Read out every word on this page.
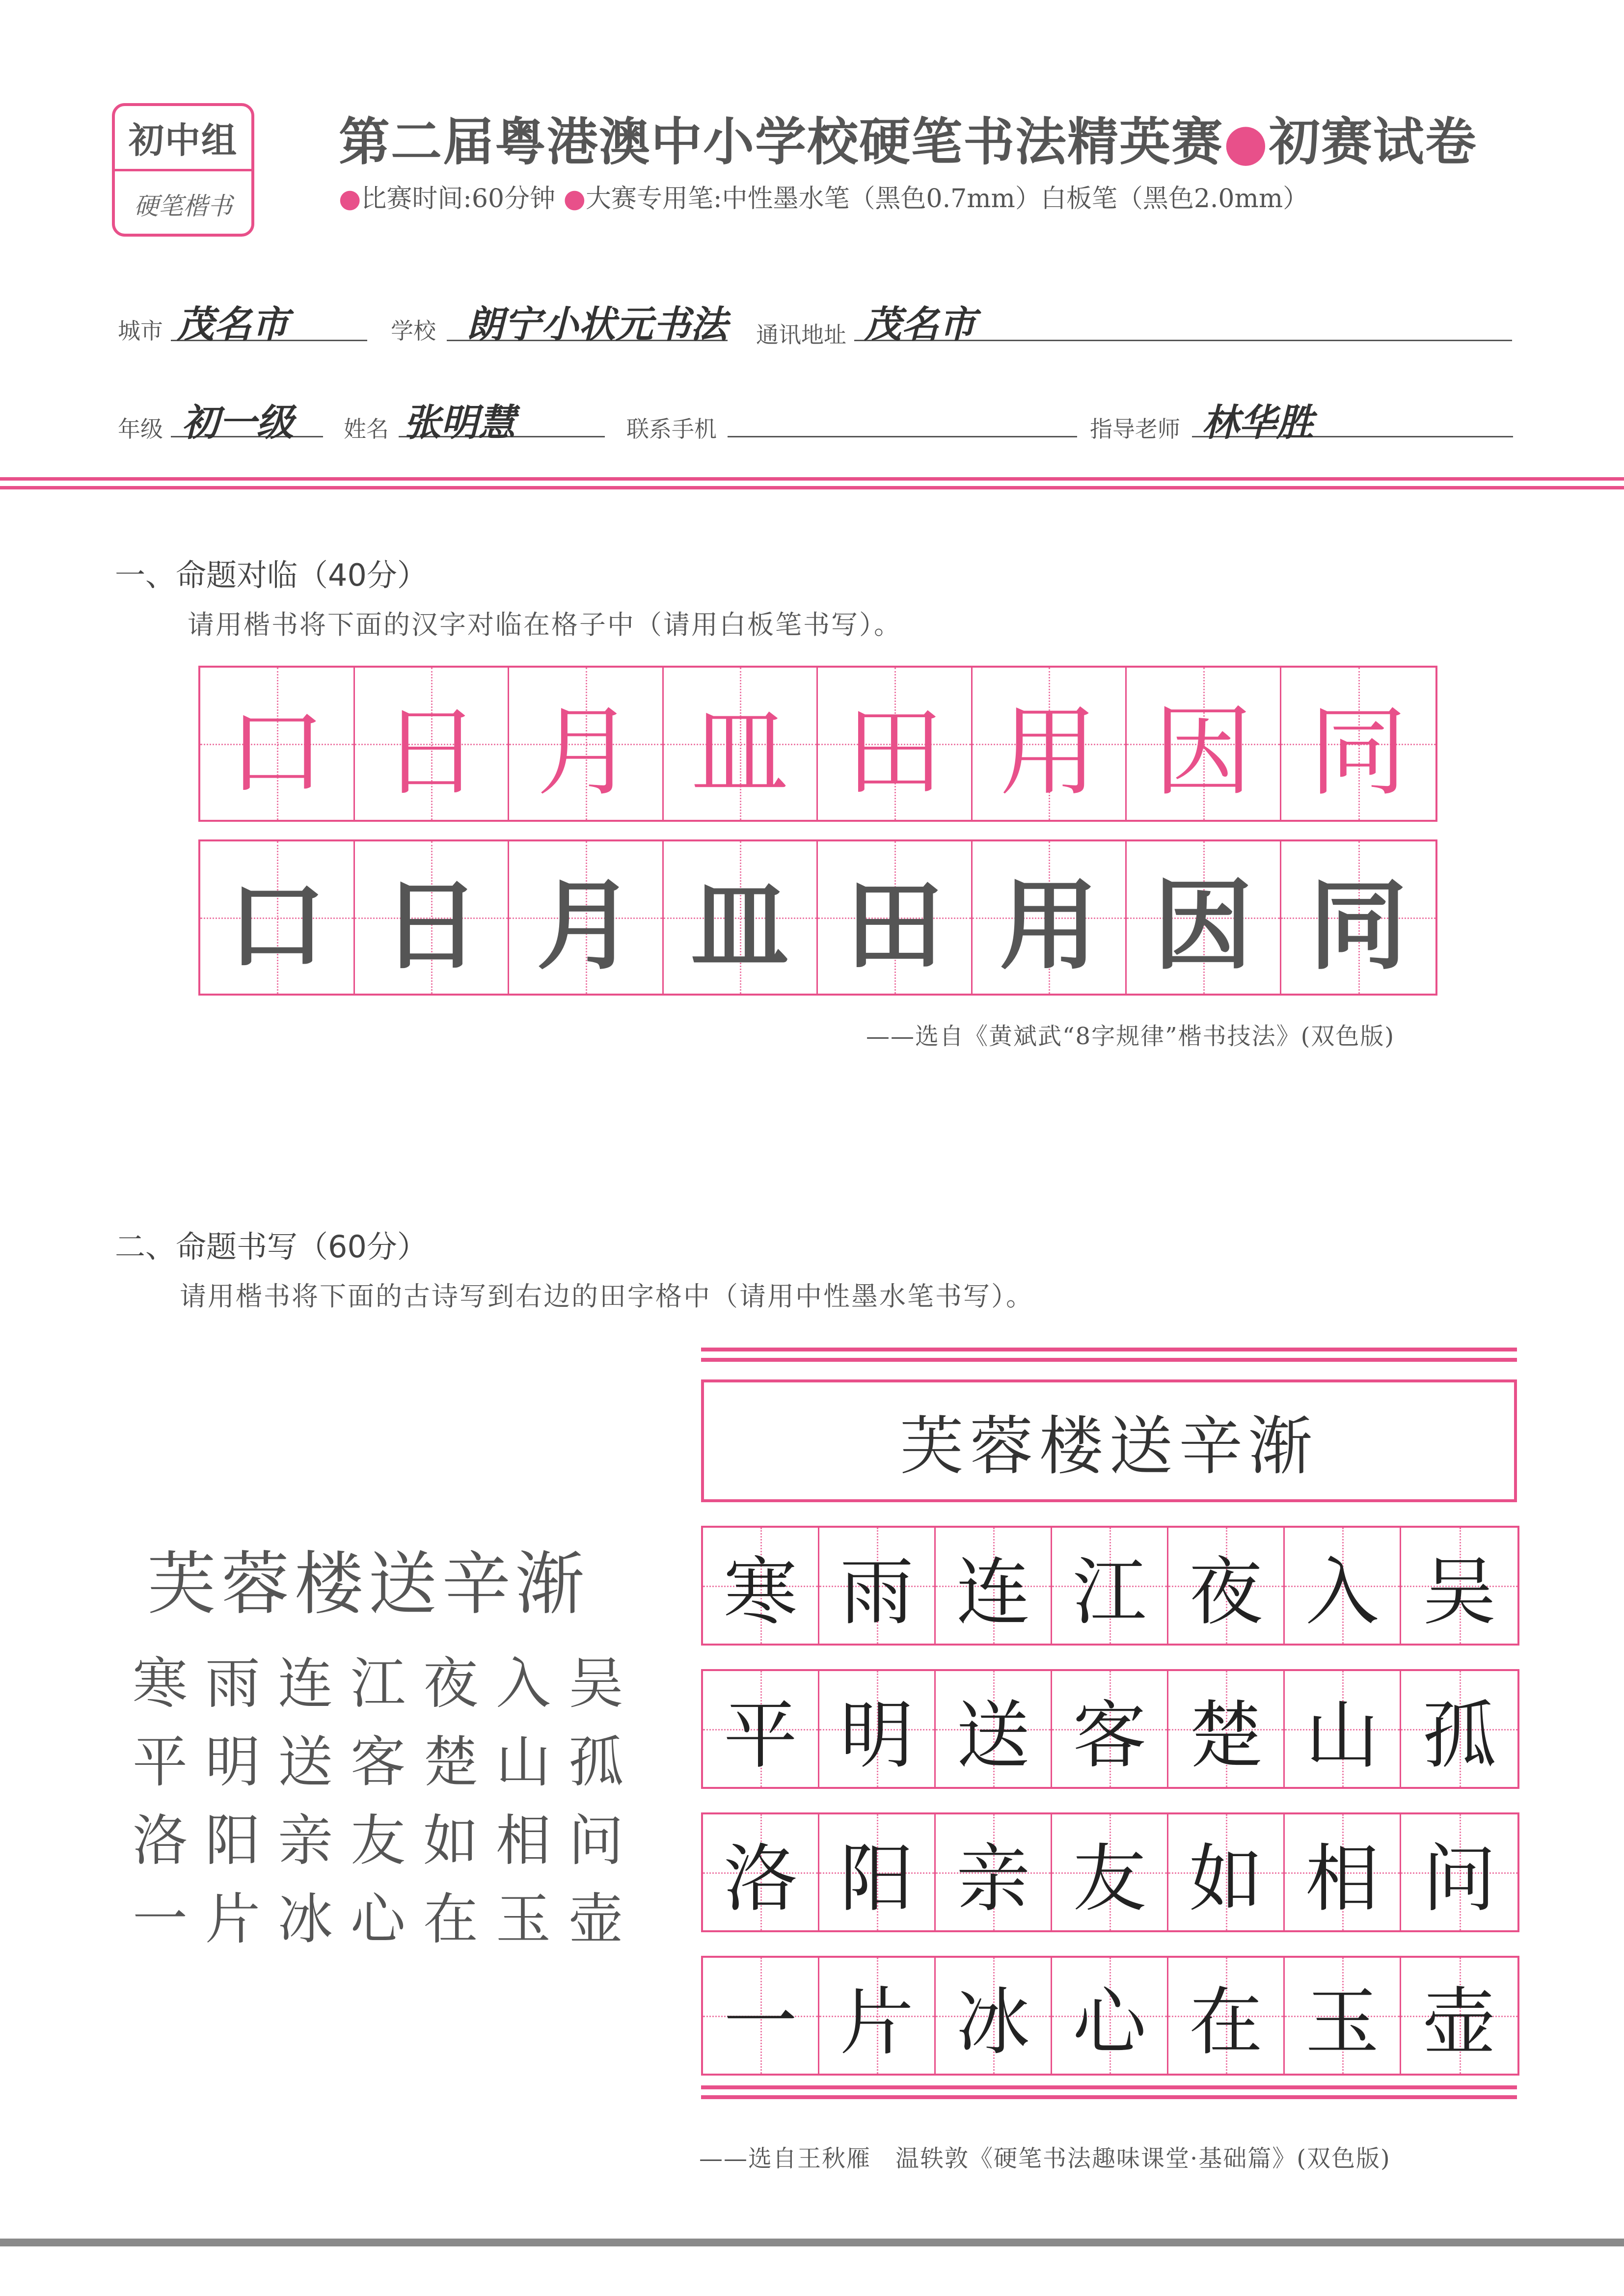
初中组
硬笔楷书
第二届粤港澳中小学校硬笔书法精英赛●初赛试卷
●比赛时间:60分钟 ●大赛专用笔:中性墨水笔（黑色0.7mm）白板笔（黑色2.0mm）
城市 茂名市	学校 朗宁小状元书法 通讯地址 茂名市
年级 初一级 姓名 张明慧	联系手机	指导老师 林华胜
一、命题对临（40分）
请用楷书将下面的汉字对临在格子中（请用白板笔书写）。
口 日 月 皿 田 用 因 同
口 日 月 皿 田 用 因 同
——选自《黄斌武“8字规律”楷书技法》(双色版)
二、命题书写（60分）
请用楷书将下面的古诗写到右边的田字格中（请用中性墨水笔书写）。
芙蓉楼送辛渐
芙蓉楼送辛渐
寒雨连江夜入吴
平明送客楚山孤
洛阳亲友如相问
一片冰心在玉壶
寒 雨 连 江 夜 入 吴
平 明 送 客 楚 山 孤
洛 阳 亲 友 如 相 问
一 片 冰 心 在 玉 壶
——选自王秋雁　温轶敦《硬笔书法趣味课堂·基础篇》(双色版)
